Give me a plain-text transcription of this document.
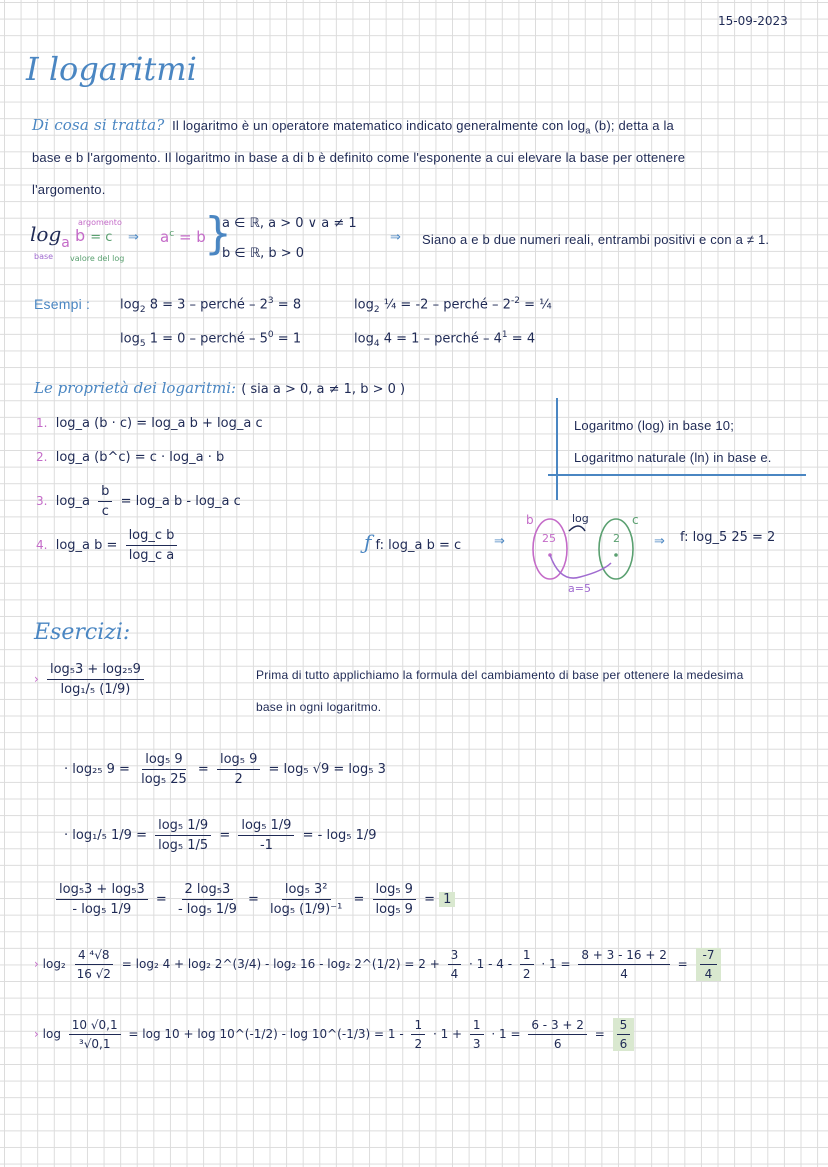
15-09-2023
I logaritmi
Di cosa si tratta? Il logaritmo è un operatore matematico indicato generalmente con $\log_a (b)$; detta a la
base e b l'argomento. Il logaritmo in base a di b è definito come l'esponente a cui elevare la base per ottenere
l'argomento.
loga b = c
argomento
base valore del log
⇒ $a^c = b$
}
a ∈ ℝ, a > 0 ∨ a ≠ 1
b ∈ ℝ, b > 0
⇒ Siano a e b due numeri reali, entrambi positivi e con a ≠ 1.
Esempi : $\log_2 8 = 3$ – perché – $2^3 = 8$
$\log_5 1 = 0$ – perché – $5^0 = 1$
$\log_2$ ¼ = -2 – perché – $2^{-2}$ = ¼
$\log_4 4 = 1$ – perché – $4^1 = 4$
Le proprietà dei logaritmi: ( sia a > 0, a ≠ 1, b > 0 )
1. log_a (b · c) = log_a b + log_a c
2. log_a (b^c) = c · log_a · b
3. log_a $\frac{b}{c}$ = log_a b - log_a c
4. log_a $b = \frac{\text{log\_c b}}{\text{log\_c a}}$
Logaritmo (log) in base 10;
Logaritmo naturale (ln) in base e.
ƒ f: log_a b = c	⇒
b
25
c
2
log
a=5
⇒ f: log_5 25 = 2
Esercizi:
› $\frac{\text{log₅3 + log₂₅9}}{\text{log₁/₅ (1/9)}}$	Prima di tutto applichiamo la formula del cambiamento di base per ottenere la medesima
base in ogni logaritmo.
· log₂₅ $9 = \frac{\text{log₅ 9}}{\text{log₅ 25}} = \frac{\text{log₅ 9}}{2} = \log_5$ √9 = log₅ 3
· log₁/₅ $1/9 = \frac{\text{log₅ 1/9}}{\text{log₅ 1/5}} = \frac{\text{log₅ 1/9}}{-1}$ = - log₅ 1/9
$\frac{\text{log₅3 + log₅3}}{\text{- log₅ 1/9}} = \frac{\text{2 log₅3}}{\text{- log₅ 1/9}} = \frac{\text{log₅ 3²}}{\text{log₅ (1/9)⁻¹}} = \frac{\text{log₅ 9}}{\text{log₅ 9}} = 1$
› $\log_2 \frac{\text{4 ⁴√8}}{16 √2} = \log_2$ 4 + log₂ 2^(3/4) - log₂ 16 - log₂ 2^(1/2) = $2 + \frac{3}{4} \cdot 1 - 4 - \frac{1}{2} \cdot 1 = \frac{8 + 3 - 16 + 2}{4} = \frac{-7}{4}$
› $\log \frac{10 √0,1}{\text{³√0,1}} = \log 10 + \log$ 10^(-1/2) - log 10^(-1/3) = $1 - \frac{1}{2} \cdot 1 + \frac{1}{3} \cdot 1 = \frac{6 - 3 + 2}{6} = \frac{5}{6}$
